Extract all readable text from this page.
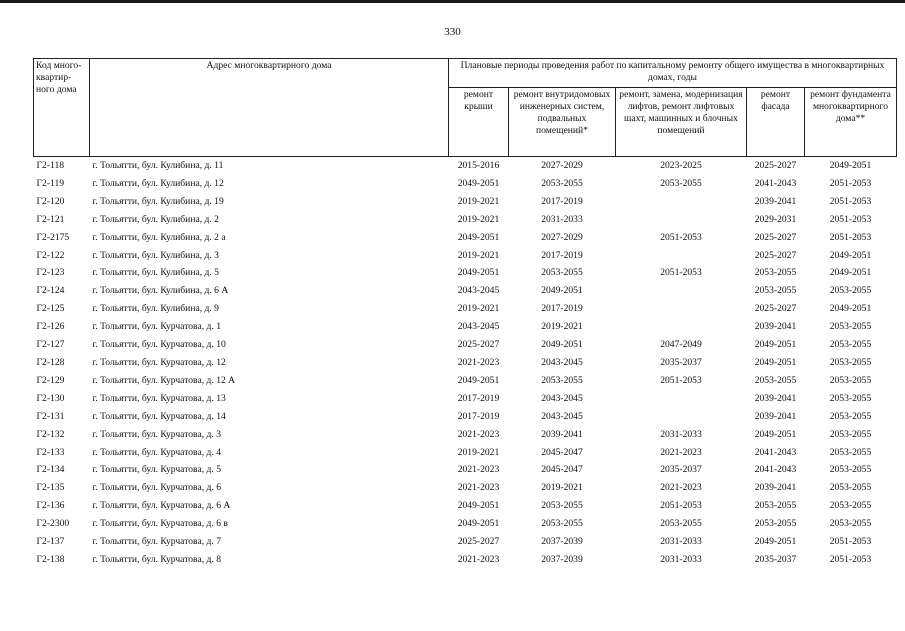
330
Код много-квартир-ного дома	Адрес многоквартирного дома	Плановые периоды проведения работ по капитальному ремонту общего имущества в многоквартирных домах, годы				
		ремонт крыши	ремонт внутридомовых инженерных систем, подвальных помещений*	ремонт, замена, модернизация лифтов, ремонт лифтовых шахт, машинных и блочных помещений	ремонт фасада	ремонт фундамента многоквартирного дома**
Г2-118	г. Тольятти, бул. Кулибина, д. 11	2015-2016	2027-2029	2023-2025	2025-2027	2049-2051
Г2-119	г. Тольятти, бул. Кулибина, д. 12	2049-2051	2053-2055	2053-2055	2041-2043	2051-2053
Г2-120	г. Тольятти, бул. Кулибина, д. 19	2019-2021	2017-2019		2039-2041	2051-2053
Г2-121	г. Тольятти, бул. Кулибина, д. 2	2019-2021	2031-2033		2029-2031	2051-2053
Г2-2175	г. Тольятти, бул. Кулибина, д. 2 а	2049-2051	2027-2029	2051-2053	2025-2027	2051-2053
Г2-122	г. Тольятти, бул. Кулибина, д. 3	2019-2021	2017-2019		2025-2027	2049-2051
Г2-123	г. Тольятти, бул. Кулибина, д. 5	2049-2051	2053-2055	2051-2053	2053-2055	2049-2051
Г2-124	г. Тольятти, бул. Кулибина, д. 6 А	2043-2045	2049-2051		2053-2055	2053-2055
Г2-125	г. Тольятти, бул. Кулибина, д. 9	2019-2021	2017-2019		2025-2027	2049-2051
Г2-126	г. Тольятти, бул. Курчатова, д. 1	2043-2045	2019-2021		2039-2041	2053-2055
Г2-127	г. Тольятти, бул. Курчатова, д. 10	2025-2027	2049-2051	2047-2049	2049-2051	2053-2055
Г2-128	г. Тольятти, бул. Курчатова, д. 12	2021-2023	2043-2045	2035-2037	2049-2051	2053-2055
Г2-129	г. Тольятти, бул. Курчатова, д. 12 А	2049-2051	2053-2055	2051-2053	2053-2055	2053-2055
Г2-130	г. Тольятти, бул. Курчатова, д. 13	2017-2019	2043-2045		2039-2041	2053-2055
Г2-131	г. Тольятти, бул. Курчатова, д. 14	2017-2019	2043-2045		2039-2041	2053-2055
Г2-132	г. Тольятти, бул. Курчатова, д. 3	2021-2023	2039-2041	2031-2033	2049-2051	2053-2055
Г2-133	г. Тольятти, бул. Курчатова, д. 4	2019-2021	2045-2047	2021-2023	2041-2043	2053-2055
Г2-134	г. Тольятти, бул. Курчатова, д. 5	2021-2023	2045-2047	2035-2037	2041-2043	2053-2055
Г2-135	г. Тольятти, бул. Курчатова, д. 6	2021-2023	2019-2021	2021-2023	2039-2041	2053-2055
Г2-136	г. Тольятти, бул. Курчатова, д. 6 А	2049-2051	2053-2055	2051-2053	2053-2055	2053-2055
Г2-2300	г. Тольятти, бул. Курчатова, д. 6 в	2049-2051	2053-2055	2053-2055	2053-2055	2053-2055
Г2-137	г. Тольятти, бул. Курчатова, д. 7	2025-2027	2037-2039	2031-2033	2049-2051	2051-2053
Г2-138	г. Тольятти, бул. Курчатова, д. 8	2021-2023	2037-2039	2031-2033	2035-2037	2051-2053
